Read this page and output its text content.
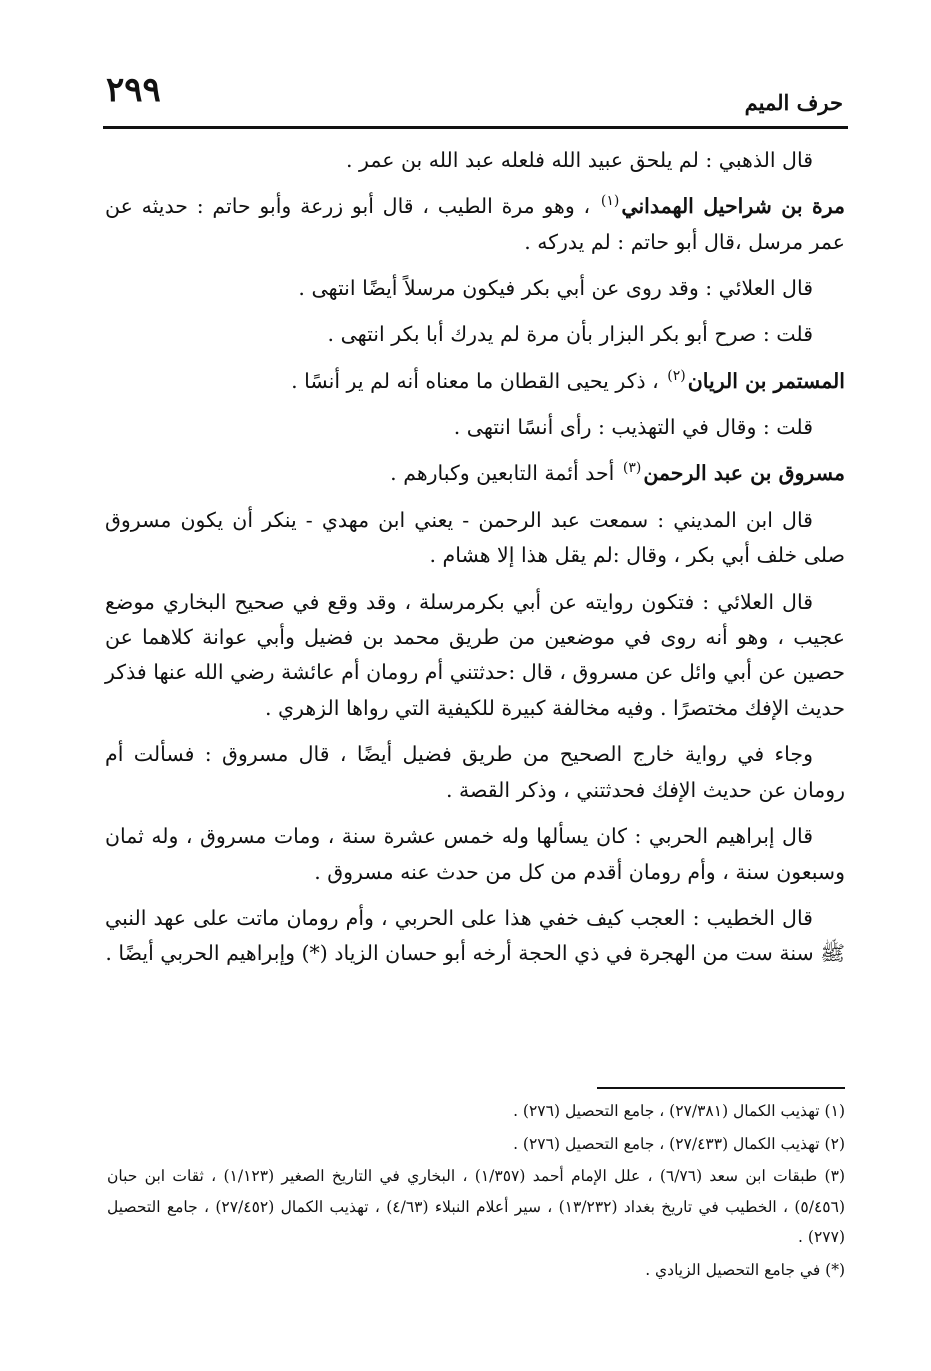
حرف الميم
٢٩٩

قال الذهبي : لم يلحق عبيد الله فلعله عبد الله بن عمر .

مرة بن شراحيل الهمداني$^{(١)}$ ، وهو مرة الطيب ، قال أبو زرعة وأبو حاتم : حديثه عن عمر مرسل ،قال أبو حاتم : لم يدركه .

قال العلائي : وقد روى عن أبي بكر فيكون مرسلاً أيضًا انتهى .

قلت : صرح أبو بكر البزار بأن مرة لم يدرك أبا بكر انتهى .

المستمر بن الريان$^{(٢)}$ ، ذكر يحيى القطان ما معناه أنه لم ير أنسًا .

قلت : وقال في التهذيب : رأى أنسًا انتهى .

مسروق بن عبد الرحمن$^{(٣)}$ أحد أئمة التابعين وكبارهم .

قال ابن المديني : سمعت عبد الرحمن - يعني ابن مهدي - ينكر أن يكون مسروق صلى خلف أبي بكر ، وقال :لم يقل هذا إلا هشام .

قال العلائي : فتكون روايته عن أبي بكرمرسلة ، وقد وقع في صحيح البخاري موضع عجيب ، وهو أنه روى في موضعين من طريق محمد بن فضيل وأبي عوانة كلاهما عن حصين عن أبي وائل عن مسروق ، قال :حدثتني أم رومان أم عائشة رضي الله عنها فذكر حديث الإفك مختصرًا . وفيه مخالفة كبيرة للكيفية التي رواها الزهري .

وجاء في رواية خارج الصحيح من طريق فضيل أيضًا ، قال مسروق : فسألت أم رومان عن حديث الإفك فحدثتني ، وذكر القصة .

قال إبراهيم الحربي : كان يسألها وله خمس عشرة سنة ، ومات مسروق ، وله ثمان وسبعون سنة ، وأم رومان أقدم من كل من حدث عنه مسروق .

قال الخطيب : العجب كيف خفي هذا على الحربي ، وأم رومان ماتت على عهد النبي ﷺ سنة ست من الهجرة في ذي الحجة أرخه أبو حسان الزياد (*) وإبراهيم الحربي أيضًا .

(١) تهذيب الكمال (٢٧/٣٨١) ، جامع التحصيل (٢٧٦) .

(٢) تهذيب الكمال (٢٧/٤٣٣) ، جامع التحصيل (٢٧٦) .

(٣) طبقات ابن سعد (٦/٧٦) ، علل الإمام أحمد (١/٣٥٧) ، البخاري في التاريخ الصغير (١/١٢٣) ، ثقات ابن حبان (٥/٤٥٦) ، الخطيب في تاريخ بغداد (١٣/٢٣٢) ، سير أعلام النبلاء (٤/٦٣) ، تهذيب الكمال (٢٧/٤٥٢) ، جامع التحصيل (٢٧٧) .

(*) في جامع التحصيل الزيادي .
